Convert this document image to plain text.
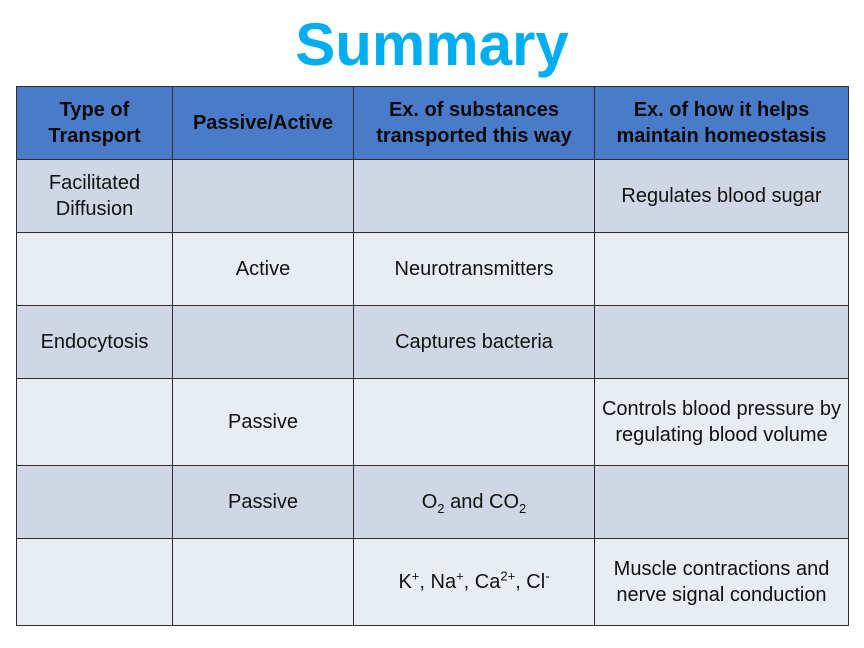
Summary
Type of Transport	Passive/Active	Ex. of substances transported this way	Ex. of how it helps maintain homeostasis
Facilitated Diffusion			Regulates blood sugar
	Active	Neurotransmitters	
Endocytosis		Captures bacteria	
	Passive		Controls blood pressure by regulating blood volume
	Passive	$O_2$ and $CO_2$	
		K+, Na+, $Ca^{2+}$, Cl-	Muscle contractions and nerve signal conduction
